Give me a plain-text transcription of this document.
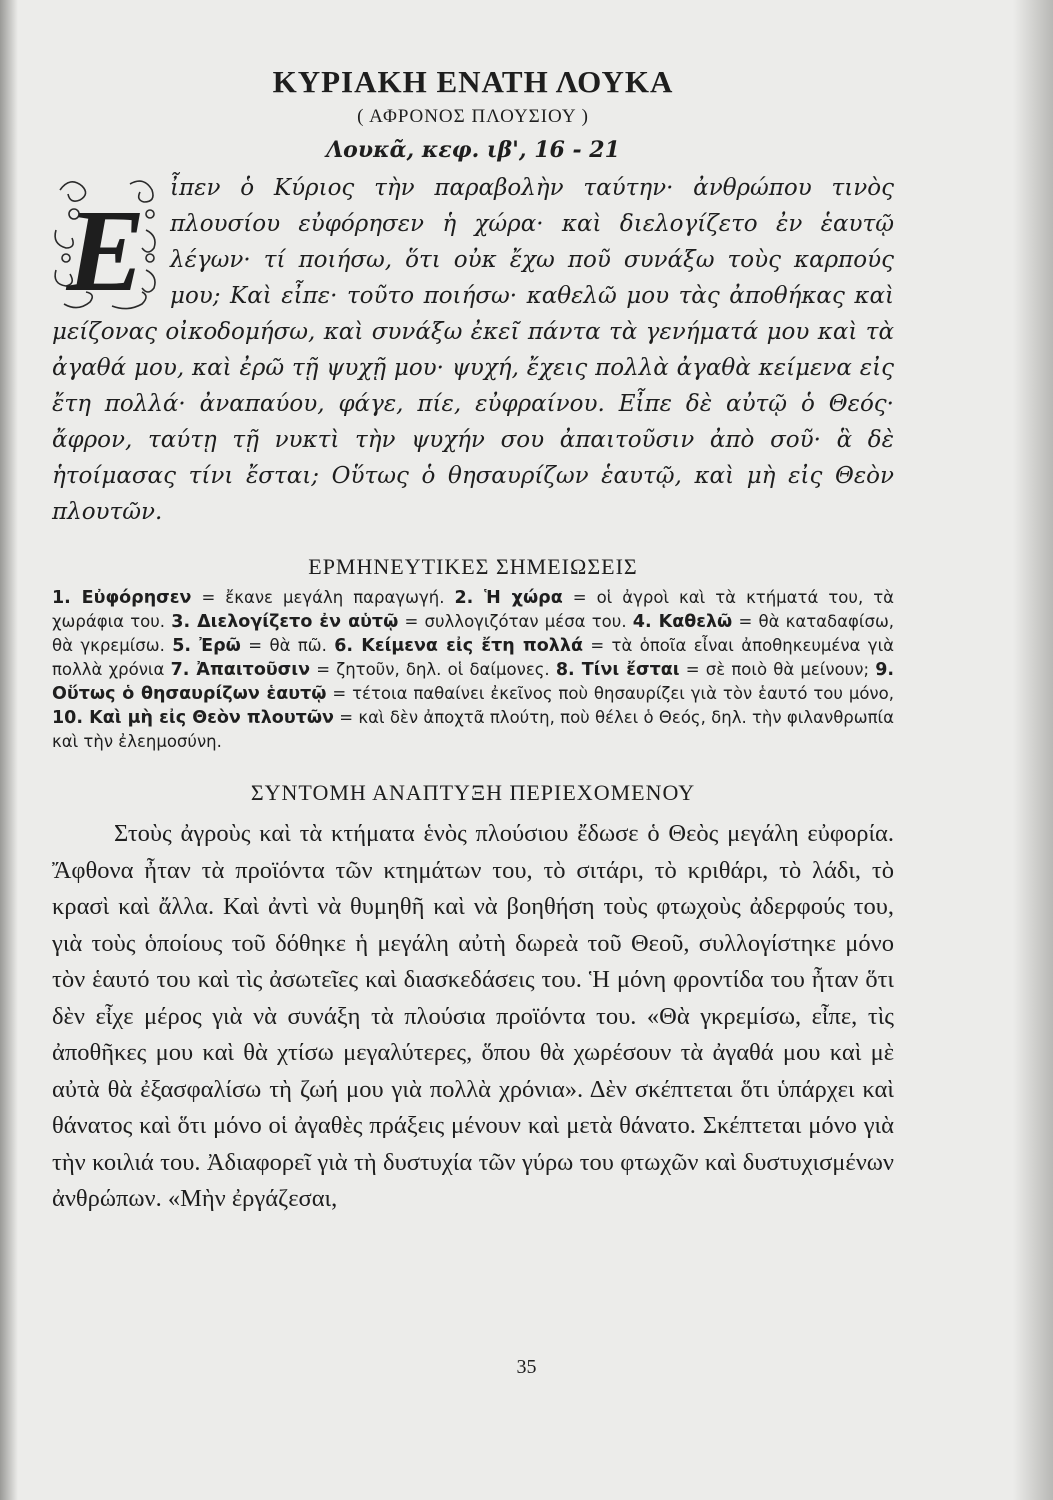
ΚΥΡΙΑΚΗ ΕΝΑΤΗ ΛΟΥΚΑ
( ΑΦΡΟΝΟΣ ΠΛΟΥΣΙΟΥ )
Λουκᾶ, κεφ. ιβ', 16 - 21
Ε	ἶπεν ὁ Κύριος τὴν παραβολὴν ταύτην· ἀνθρώπου τινὸς πλουσίου εὐφόρησεν ἡ χώρα· καὶ διελογίζετο ἐν ἑαυτῷ λέγων· τί ποιήσω, ὅτι οὐκ ἔχω ποῦ συνάξω τοὺς καρπούς μου; Καὶ εἶπε· τοῦτο ποιήσω· καθελῶ μου τὰς ἀποθήκας καὶ μείζονας οἰκοδομήσω, καὶ συνάξω ἐκεῖ πάντα τὰ γενήματά μου καὶ τὰ ἀγαθά μου, καὶ ἐρῶ τῇ ψυχῇ μου· ψυχή, ἔχεις πολλὰ ἀγαθὰ κείμενα εἰς ἔτη πολλά· ἀναπαύου, φάγε, πίε, εὐφραίνου. Εἶπε δὲ αὐτῷ ὁ Θεός· ἄφρον, ταύτῃ τῇ νυκτὶ τὴν ψυχήν σου ἀπαιτοῦσιν ἀπὸ σοῦ· ἃ δὲ ἡτοίμασας τίνι ἔσται; Οὕτως ὁ θησαυρίζων ἑαυτῷ, καὶ μὴ εἰς Θεὸν πλουτῶν.

ΕΡΜΗΝΕΥΤΙΚΕΣ ΣΗΜΕΙΩΣΕΙΣ

1. Εὐφόρησεν = ἔκανε μεγάλη παραγωγή. 2. Ἡ χώρα = οἱ ἀγροὶ καὶ τὰ κτήματά του, τὰ χωράφια του. 3. Διελογίζετο ἐν αὑτῷ = συλλογιζόταν μέσα του. 4. Καθελῶ = θὰ καταδαφίσω, θὰ γκρεμίσω. 5. Ἐρῶ = θὰ πῶ. 6. Κείμενα εἰς ἔτη πολλά = τὰ ὁποῖα εἶναι ἀποθηκευμένα γιὰ πολλὰ χρόνια 7. Ἀπαιτοῦσιν = ζητοῦν, δηλ. οἱ δαίμονες. 8. Τίνι ἔσται = σὲ ποιὸ θὰ μείνουν; 9. Οὕτως ὁ θησαυρίζων ἑαυτῷ = τέτοια παθαίνει ἐκεῖνος ποὺ θησαυρίζει γιὰ τὸν ἑαυτό του μόνο, 10. Καὶ μὴ εἰς Θεὸν πλουτῶν = καὶ δὲν ἀποχτᾶ πλούτη, ποὺ θέλει ὁ Θεός, δηλ. τὴν φιλανθρωπία καὶ τὴν ἐλεημοσύνη.

ΣΥΝΤΟΜΗ ΑΝΑΠΤΥΞΗ ΠΕΡΙΕΧΟΜΕΝΟΥ

Στοὺς ἀγροὺς καὶ τὰ κτήματα ἑνὸς πλούσιου ἔδωσε ὁ Θεὸς μεγάλη εὐφορία. Ἄφθονα ἦταν τὰ προϊόντα τῶν κτημάτων του, τὸ σιτάρι, τὸ κριθάρι, τὸ λάδι, τὸ κρασὶ καὶ ἄλλα. Καὶ ἀντὶ νὰ θυμηθῆ καὶ νὰ βοηθήση τοὺς φτωχοὺς ἀδερφούς του, γιὰ τοὺς ὁποίους τοῦ δόθηκε ἡ μεγάλη αὐτὴ δωρεὰ τοῦ Θεοῦ, συλλογίστηκε μόνο τὸν ἑαυτό του καὶ τὶς ἀσωτεῖες καὶ διασκεδάσεις του. Ἡ μόνη φροντίδα του ἦταν ὅτι δὲν εἶχε μέρος γιὰ νὰ συνάξη τὰ πλούσια προϊόντα του. «Θὰ γκρεμίσω, εἶπε, τὶς ἀποθῆκες μου καὶ θὰ χτίσω μεγαλύτερες, ὅπου θὰ χωρέσουν τὰ ἀγαθά μου καὶ μὲ αὐτὰ θὰ ἐξασφαλίσω τὴ ζωή μου γιὰ πολλὰ χρόνια». Δὲν σκέπτεται ὅτι ὑπάρχει καὶ θάνατος καὶ ὅτι μόνο οἱ ἀγαθὲς πράξεις μένουν καὶ μετὰ θάνατο. Σκέπτεται μόνο γιὰ τὴν κοιλιά του. Ἀδιαφορεῖ γιὰ τὴ δυστυχία τῶν γύρω του φτωχῶν καὶ δυστυχισμένων ἀνθρώπων. «Μὴν ἐργάζεσαι,

35
